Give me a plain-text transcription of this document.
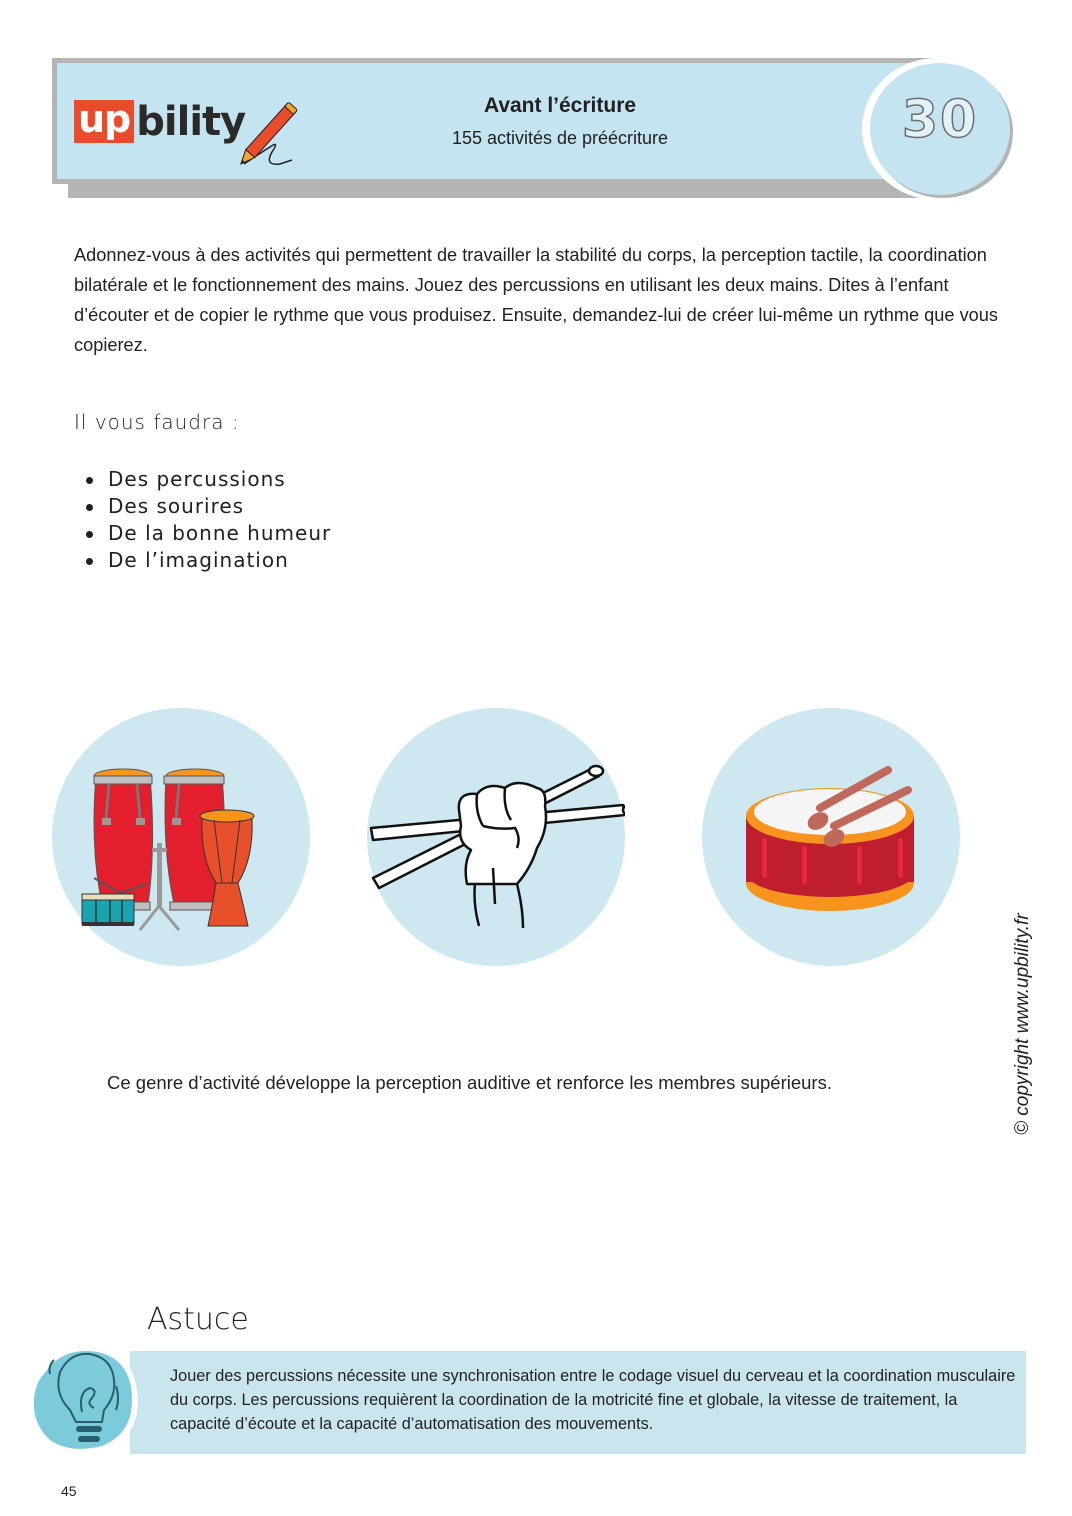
up bility	Avant l’écriture
155 activités de préécriture	30

Adonnez-vous à des activités qui permettent de travailler la stabilité du corps, la perception tactile, la coordination bilatérale et le fonctionnement des mains. Jouez des percussions en utilisant les deux mains. Dites à l’enfant d’écouter et de copier le rythme que vous produisez. Ensuite, demandez-lui de créer lui-même un rythme que vous copierez.

Il vous faudra :
Des percussions
Des sourires
De la bonne humeur
De l’imagination
Ce genre d’activité développe la perception auditive et renforce les membres supérieurs.	© copyright www.upbility.fr
Astuce
Jouer des percussions nécessite une synchronisation entre le codage visuel du cerveau et la coordination musculaire du corps. Les percussions requièrent la coordination de la motricité fine et globale, la vitesse de traitement, la capacité d’écoute et la capacité d’automatisation des mouvements.
45
